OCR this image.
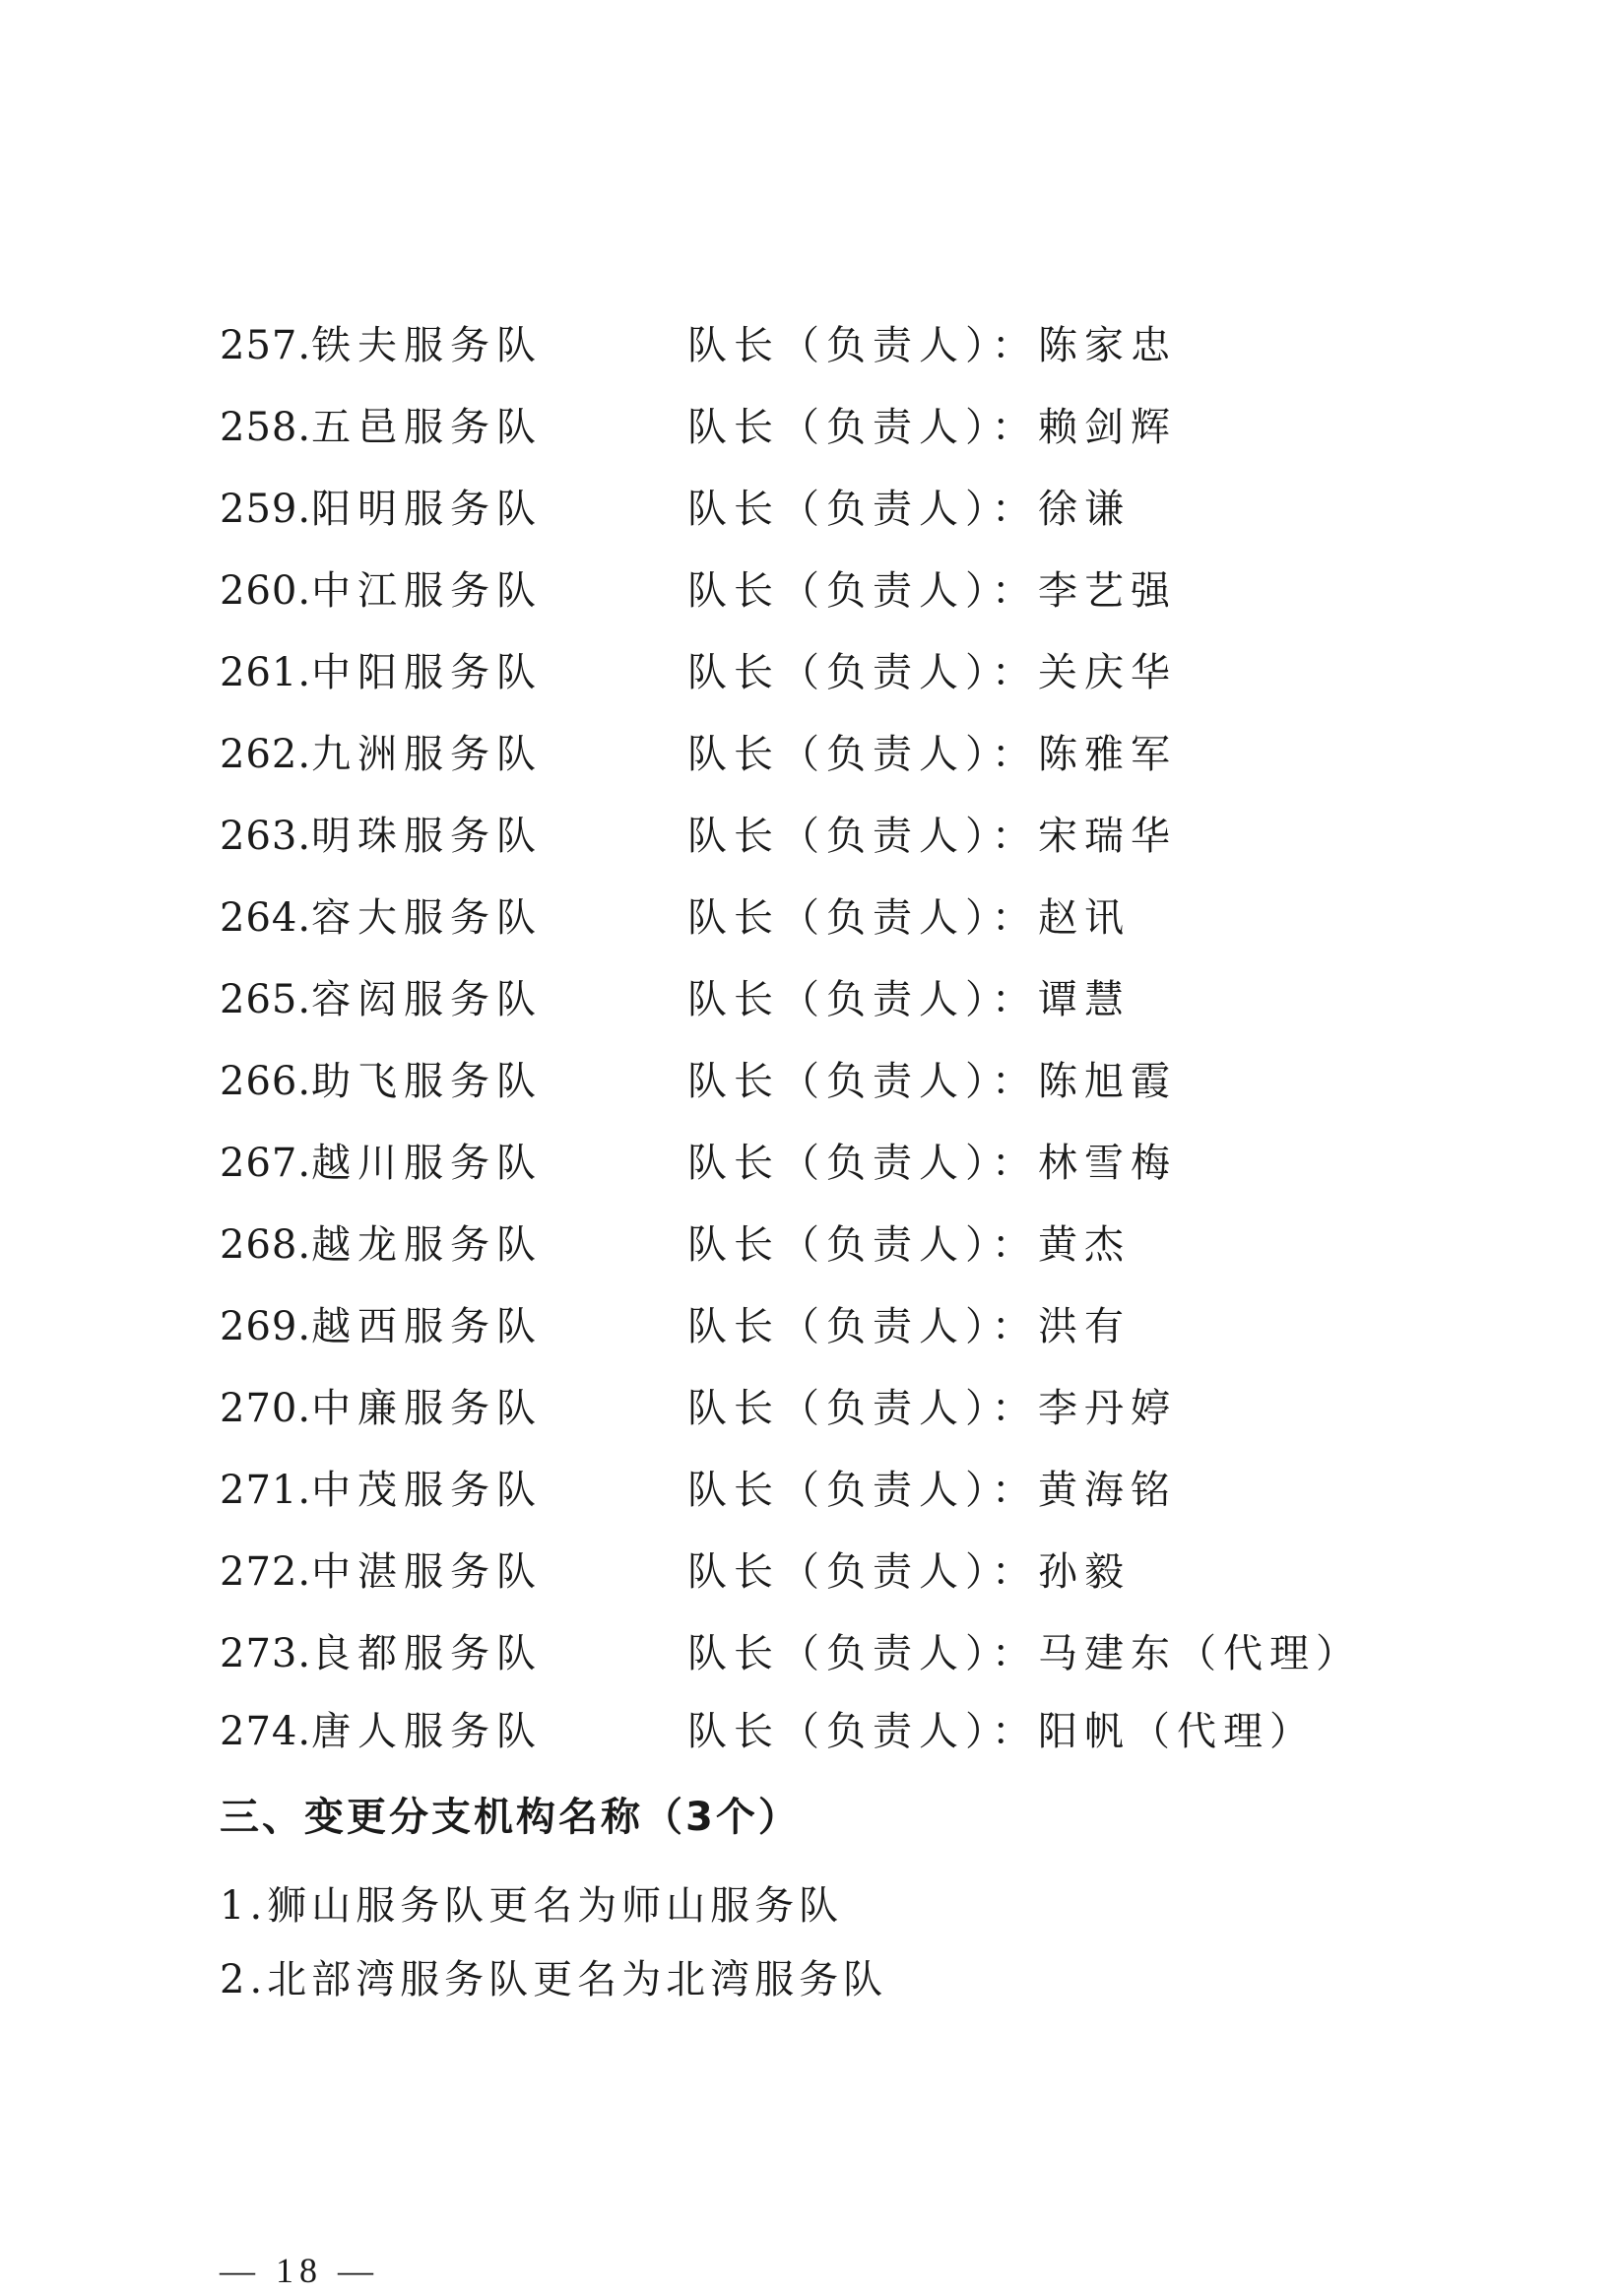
257.铁夫服务队	队长（负责人）：陈家忠
258.五邑服务队	队长（负责人）：赖剑辉
259.阳明服务队	队长（负责人）：徐谦
260.中江服务队	队长（负责人）：李艺强
261.中阳服务队	队长（负责人）：关庆华
262.九洲服务队	队长（负责人）：陈雅军
263.明珠服务队	队长（负责人）：宋瑞华
264.容大服务队	队长（负责人）：赵讯
265.容闳服务队	队长（负责人）：谭慧
266.助飞服务队	队长（负责人）：陈旭霞
267.越川服务队	队长（负责人）：林雪梅
268.越龙服务队	队长（负责人）：黄杰
269.越西服务队	队长（负责人）：洪有
270.中廉服务队	队长（负责人）：李丹婷
271.中茂服务队	队长（负责人）：黄海铭
272.中湛服务队	队长（负责人）：孙毅
273.良都服务队	队长（负责人）：马建东（代理）
274.唐人服务队	队长（负责人）：阳帆（代理）
三、变更分支机构名称（3个）
1.狮山服务队更名为师山服务队
2.北部湾服务队更名为北湾服务队
— 18 —
